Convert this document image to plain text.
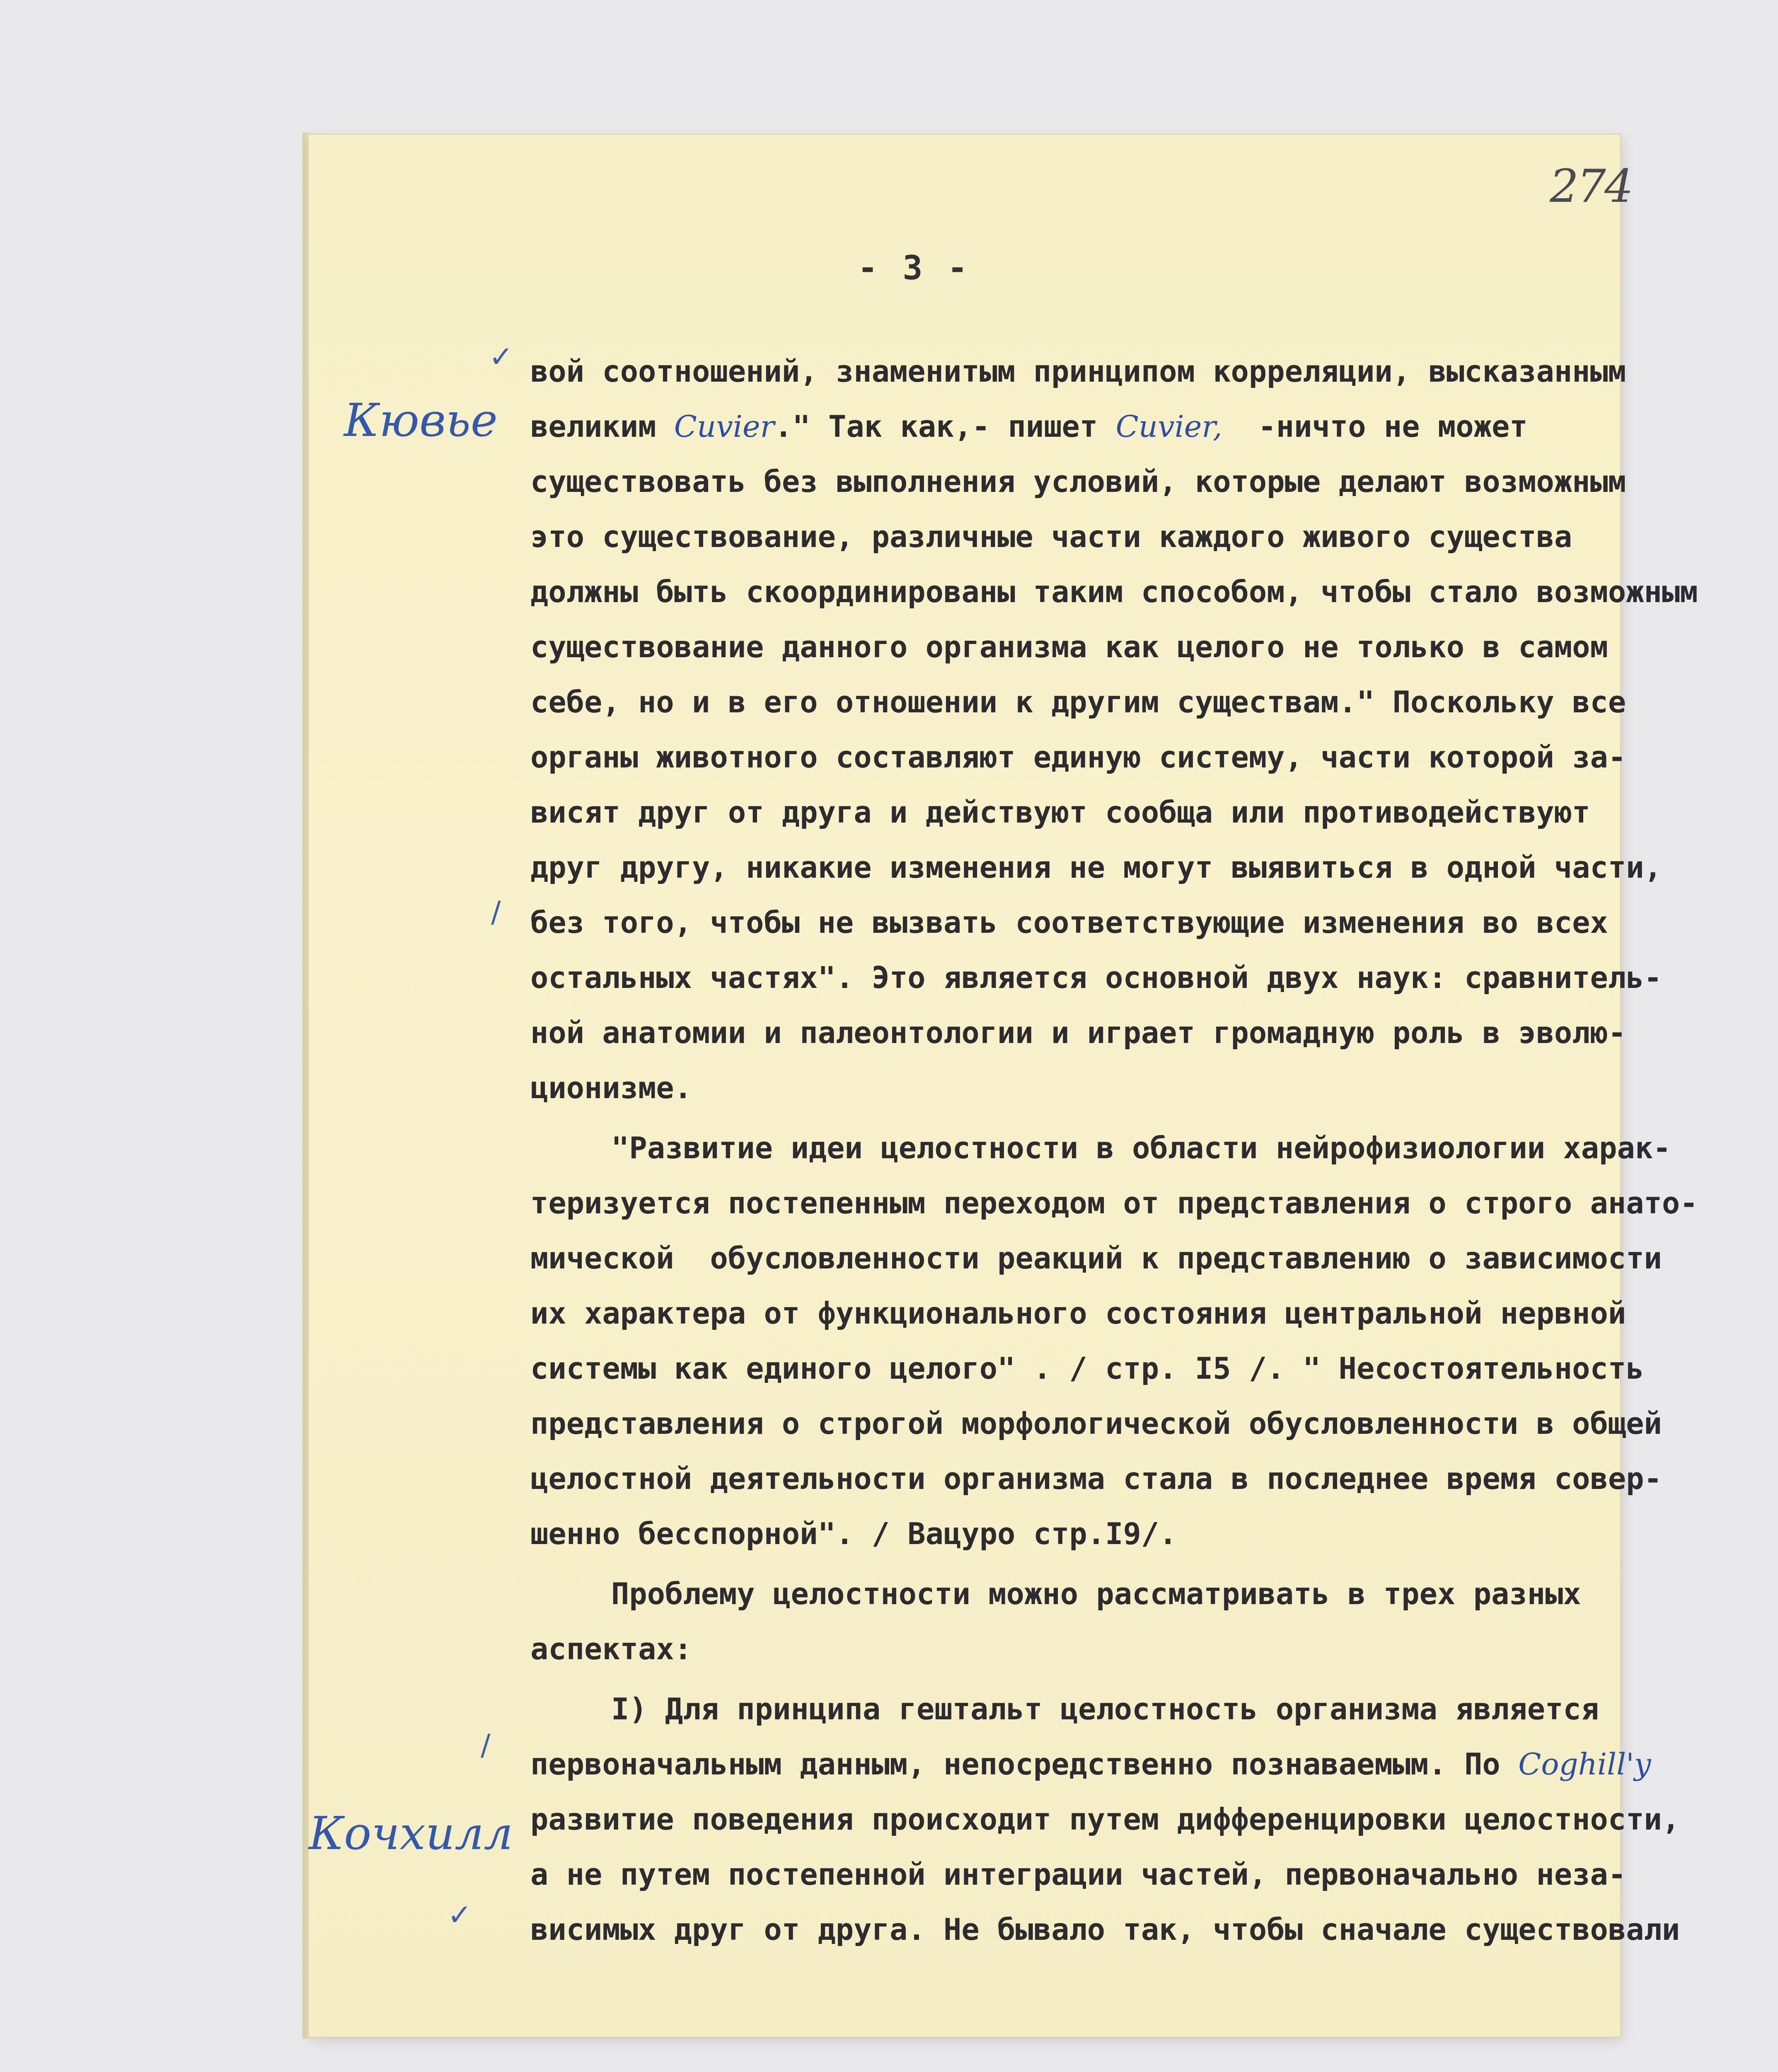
274
- 3 -
Кювье
Кочхилл
✓
/
/
✓
вой соотношений, знаменитым принципом корреляции, высказанным
великим Cuvier." Так как,- пишет Cuvier,  -ничто не может
существовать без выполнения условий, которые делают возможным
это существование, различные части каждого живого существа
должны быть скоординированы таким способом, чтобы стало возможным
существование данного организма как целого не только в самом
себе, но и в его отношении к другим существам." Поскольку все
органы животного составляют единую систему, части которой за-
висят друг от друга и действуют сообща или противодействуют
друг другу, никакие изменения не могут выявиться в одной части,
без того, чтобы не вызвать соответствующие изменения во всех
остальных частях". Это является основной двух наук: сравнитель-
ной анатомии и палеонтологии и играет громадную роль в эволю-
ционизме.
"Развитие идеи целостности в области нейрофизиологии харак-
теризуется постепенным переходом от представления о строго анато-
мической  обусловленности реакций к представлению о зависимости
их характера от функционального состояния центральной нервной
системы как единого целого" . / стр. I5 /. " Несостоятельность
представления о строгой морфологической обусловленности в общей
целостной деятельности организма стала в последнее время совер-
шенно бесспорной". / Вацуро стр.I9/.
Проблему целостности можно рассматривать в трех разных
аспектах:
I) Для принципа гештальт целостность организма является
первоначальным данным, непосредственно познаваемым. По Coghill'у
развитие поведения происходит путем дифференцировки целостности,
а не путем постепенной интеграции частей, первоначально неза-
висимых друг от друга. Не бывало так, чтобы сначале существовали
